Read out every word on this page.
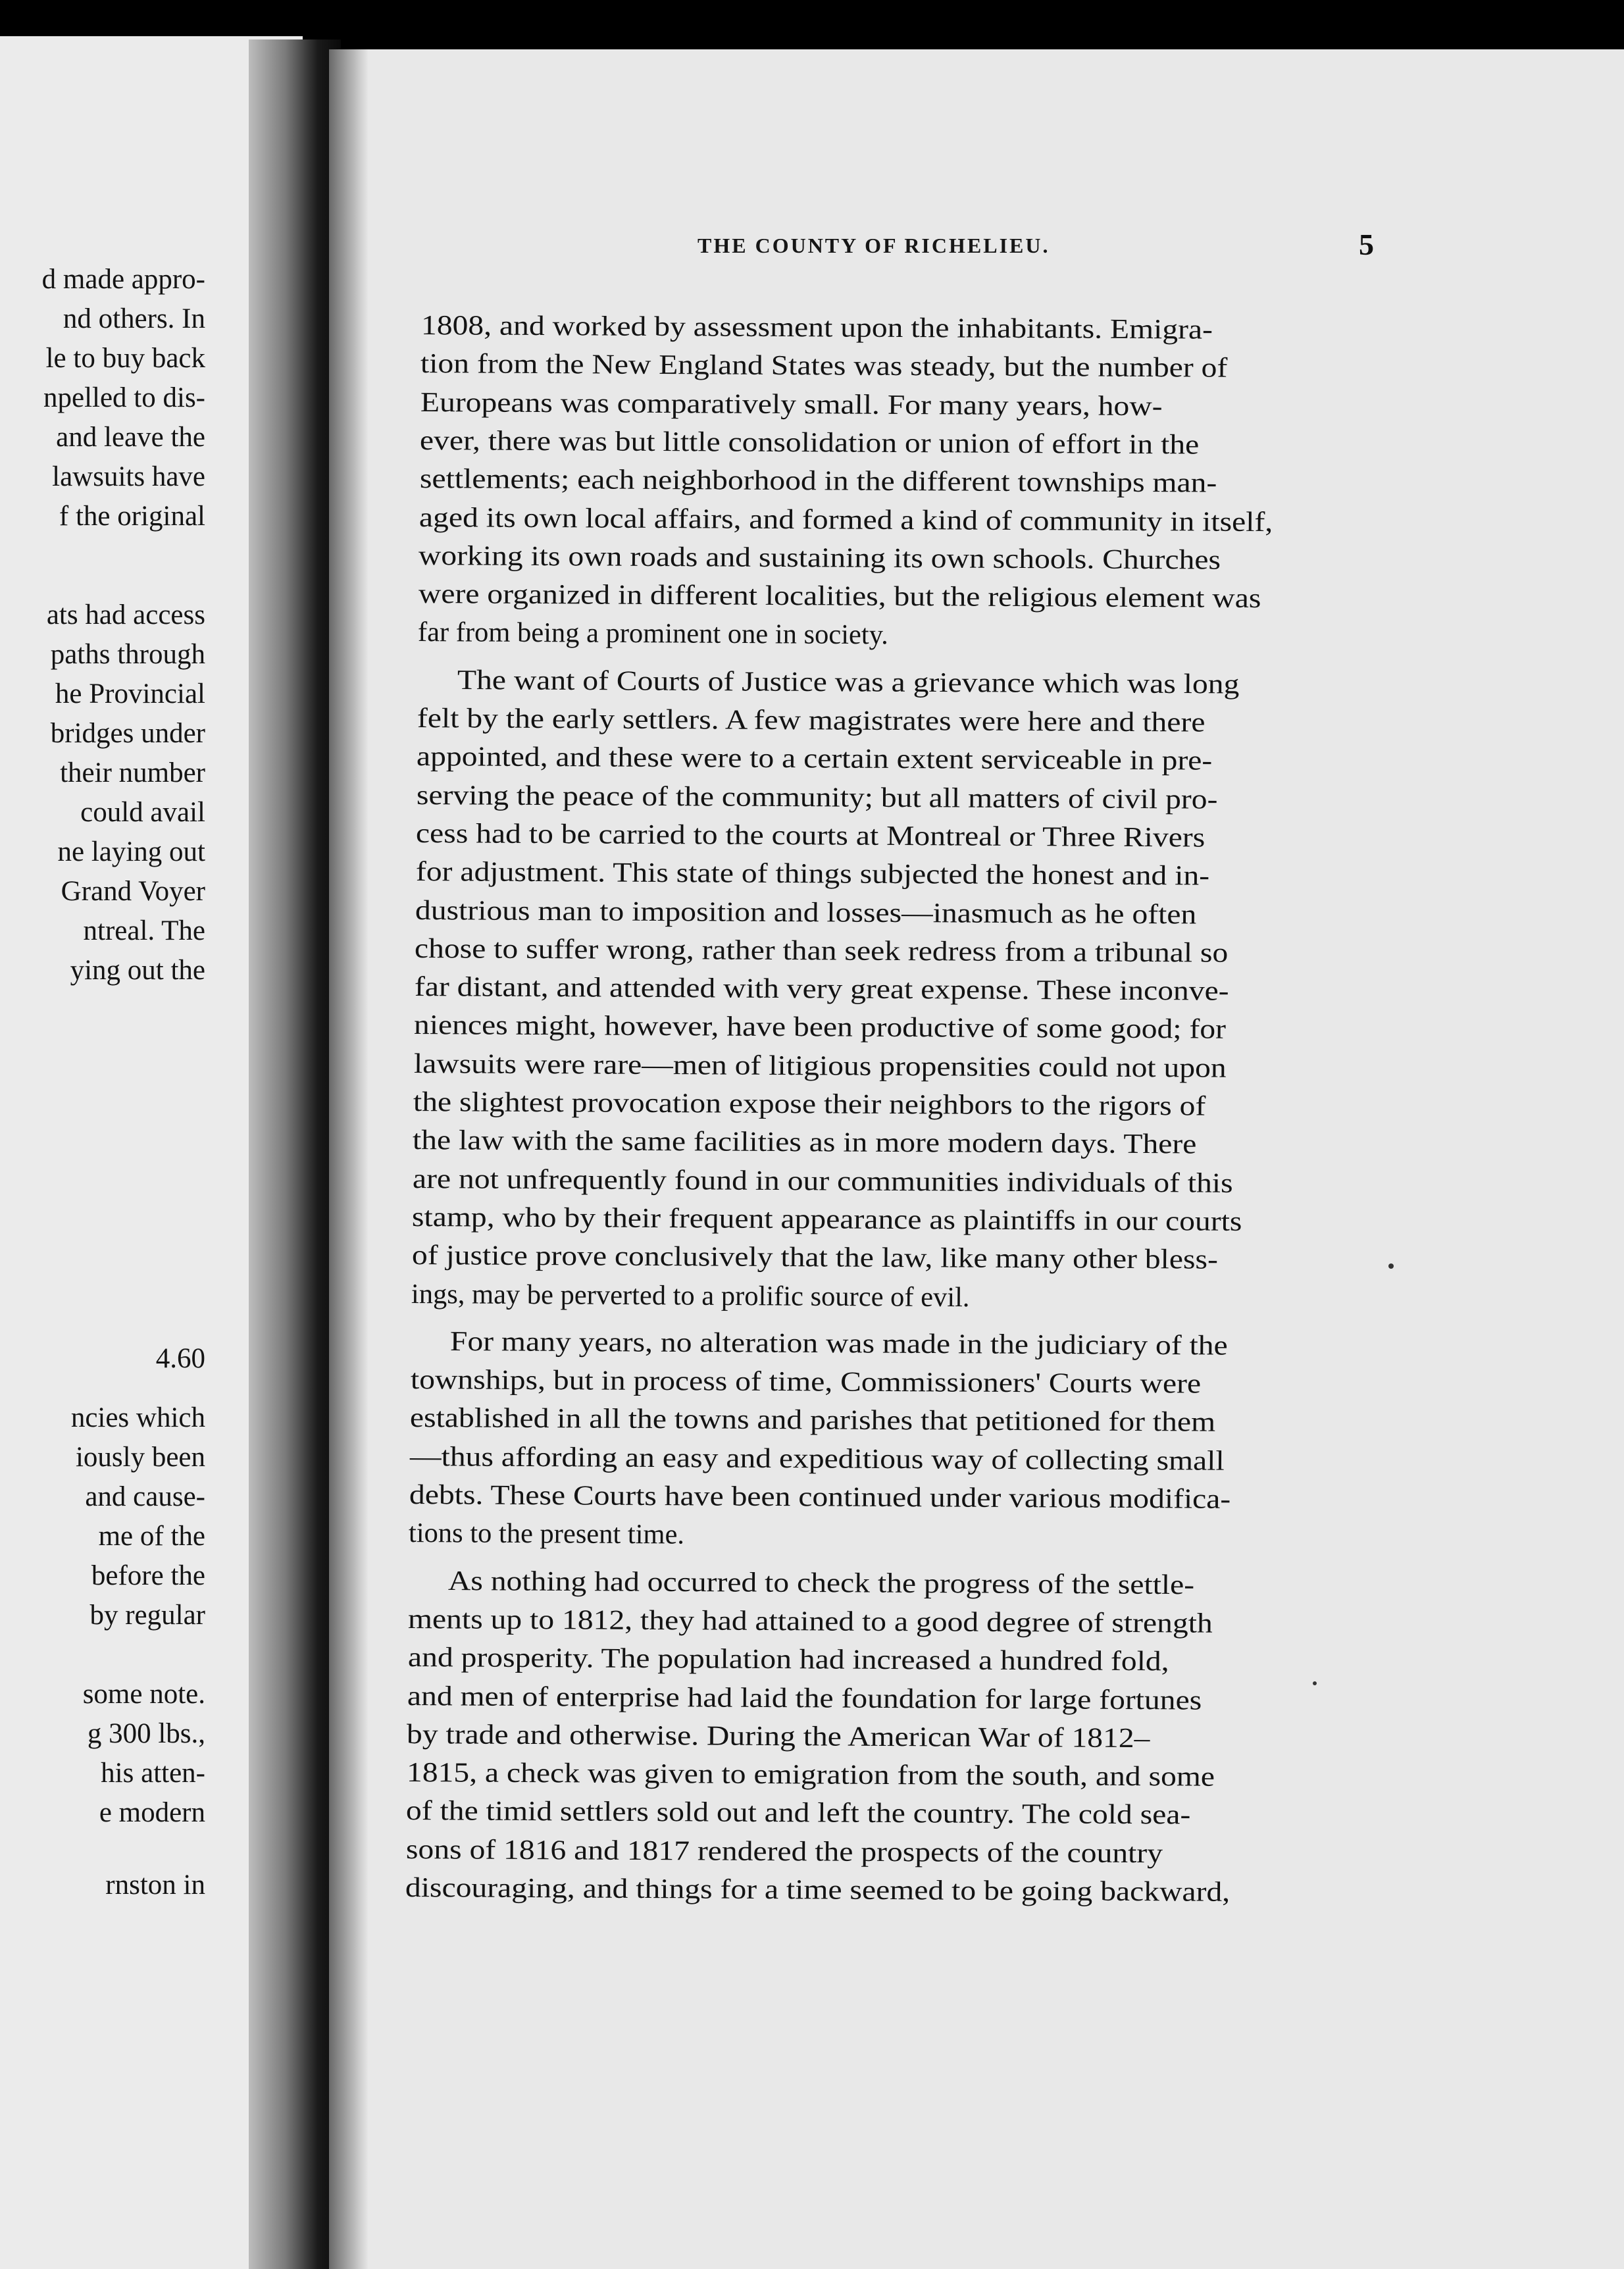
d made appro-
nd others. In
le to buy back
npelled to dis-
and leave the
lawsuits have
f the original
ats had access
paths through
he Provincial
bridges under
their number
could avail
ne laying out
Grand Voyer
ntreal. The
ying out the
4.60
ncies which
iously been
and cause-
me of the
before the
by regular
some note.
g 300 lbs.,
his atten-
e modern
rnston in
THE COUNTY OF RICHELIEU.	5
1808, and worked by assessment upon the inhabitants. Emigra-
tion from the New England States was steady, but the number of
Europeans was comparatively small. For many years, how-
ever, there was but little consolidation or union of effort in the
settlements; each neighborhood in the different townships man-
aged its own local affairs, and formed a kind of community in itself,
working its own roads and sustaining its own schools. Churches
were organized in different localities, but the religious element was
far from being a prominent one in society.
The want of Courts of Justice was a grievance which was long
felt by the early settlers. A few magistrates were here and there
appointed, and these were to a certain extent serviceable in pre-
serving the peace of the community; but all matters of civil pro-
cess had to be carried to the courts at Montreal or Three Rivers
for adjustment. This state of things subjected the honest and in-
dustrious man to imposition and losses—inasmuch as he often
chose to suffer wrong, rather than seek redress from a tribunal so
far distant, and attended with very great expense. These inconve-
niences might, however, have been productive of some good; for
lawsuits were rare—men of litigious propensities could not upon
the slightest provocation expose their neighbors to the rigors of
the law with the same facilities as in more modern days. There
are not unfrequently found in our communities individuals of this
stamp, who by their frequent appearance as plaintiffs in our courts
of justice prove conclusively that the law, like many other bless-
ings, may be perverted to a prolific source of evil.
For many years, no alteration was made in the judiciary of the
townships, but in process of time, Commissioners' Courts were
established in all the towns and parishes that petitioned for them
—thus affording an easy and expeditious way of collecting small
debts. These Courts have been continued under various modifica-
tions to the present time.
As nothing had occurred to check the progress of the settle-
ments up to 1812, they had attained to a good degree of strength
and prosperity. The population had increased a hundred fold,
and men of enterprise had laid the foundation for large fortunes
by trade and otherwise. During the American War of 1812–
1815, a check was given to emigration from the south, and some
of the timid settlers sold out and left the country. The cold sea-
sons of 1816 and 1817 rendered the prospects of the country
discouraging, and things for a time seemed to be going backward,
